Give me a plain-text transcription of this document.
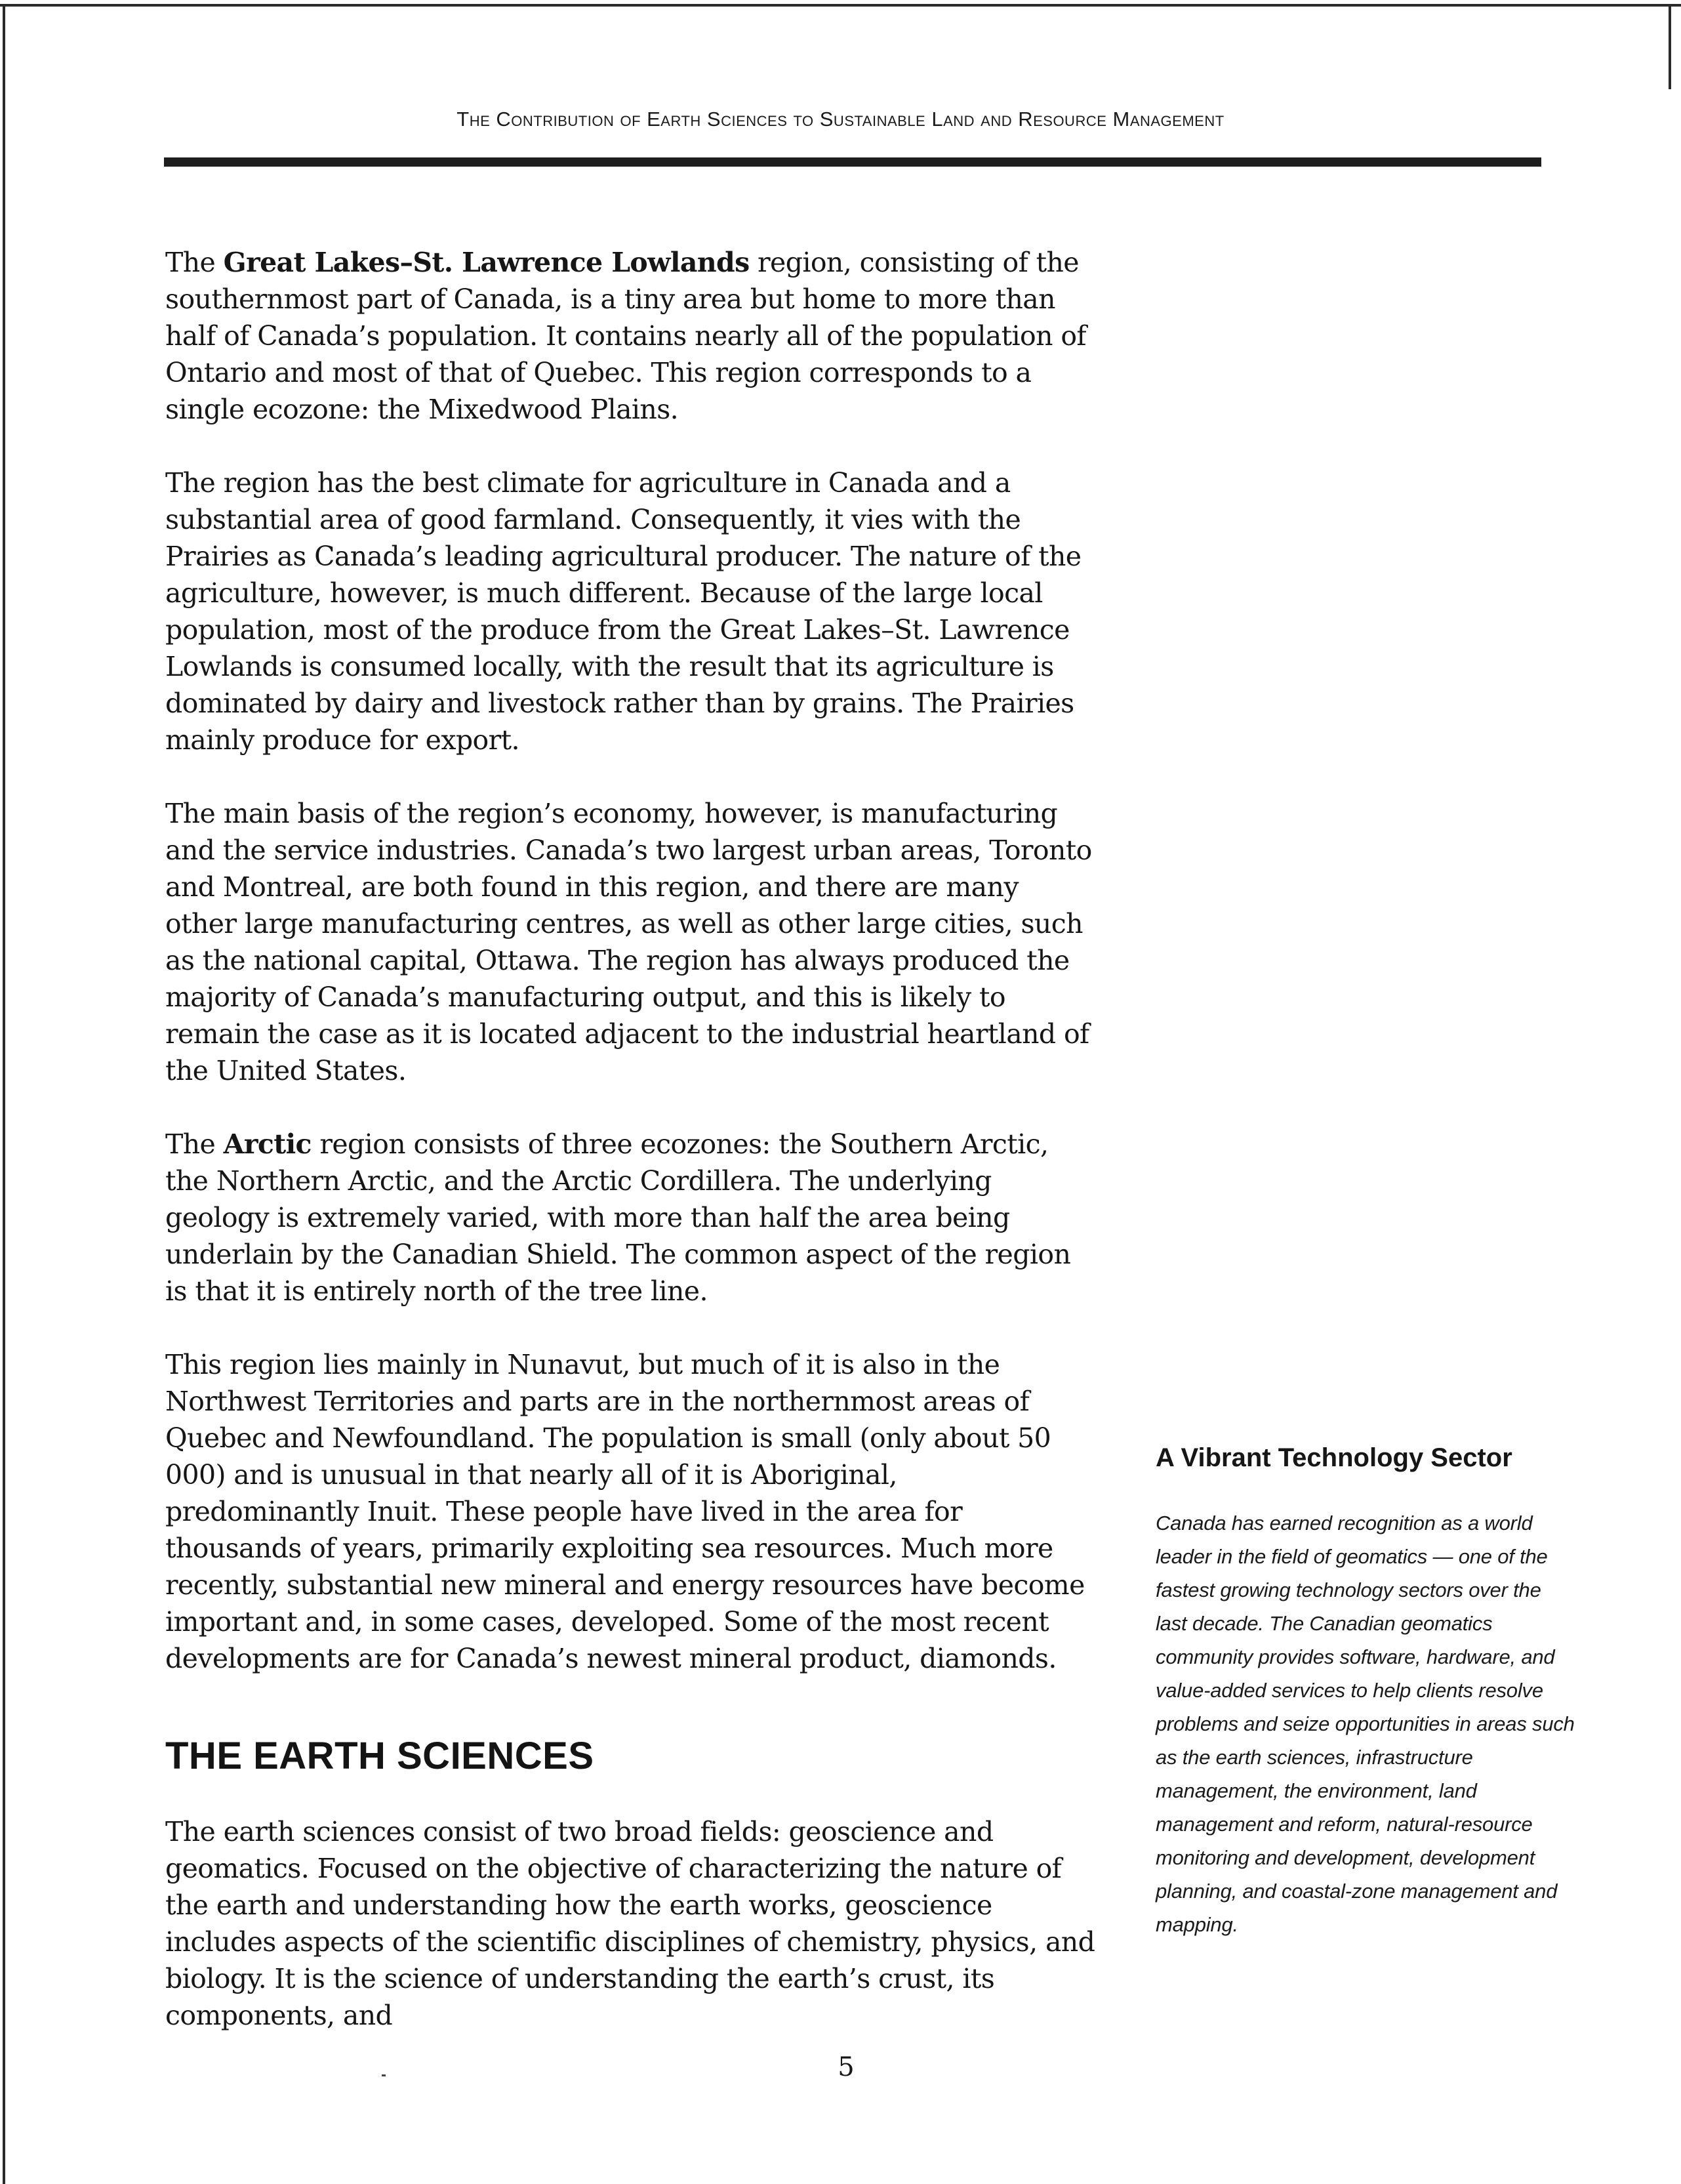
The Contribution of Earth Sciences to Sustainable Land and Resource Management

The Great Lakes–St. Lawrence Lowlands region, consisting of the southernmost part of Canada, is a tiny area but home to more than half of Canada’s population. It contains nearly all of the population of Ontario and most of that of Quebec. This region corresponds to a single ecozone: the Mixedwood Plains.

The region has the best climate for agriculture in Canada and a substantial area of good farmland. Consequently, it vies with the Prairies as Canada’s leading agricultural producer. The nature of the agriculture, however, is much different. Because of the large local population, most of the produce from the Great Lakes–St. Lawrence Lowlands is consumed locally, with the result that its agriculture is dominated by dairy and livestock rather than by grains. The Prairies mainly produce for export.

The main basis of the region’s economy, however, is manufacturing and the service industries. Canada’s two largest urban areas, Toronto and Montreal, are both found in this region, and there are many other large manufacturing centres, as well as other large cities, such as the national capital, Ottawa. The region has always produced the majority of Canada’s manufacturing output, and this is likely to remain the case as it is located adjacent to the industrial heartland of the United States.

The Arctic region consists of three ecozones: the Southern Arctic, the Northern Arctic, and the Arctic Cordillera. The underlying geology is extremely varied, with more than half the area being underlain by the Canadian Shield. The common aspect of the region is that it is entirely north of the tree line.

This region lies mainly in Nunavut, but much of it is also in the Northwest Territories and parts are in the northernmost areas of Quebec and Newfoundland. The population is small (only about 50 000) and is unusual in that nearly all of it is Aboriginal, predominantly Inuit. These people have lived in the area for thousands of years, primarily exploiting sea resources. Much more recently, substantial new mineral and energy resources have become important and, in some cases, developed. Some of the most recent developments are for Canada’s newest mineral product, diamonds.

THE EARTH SCIENCES

The earth sciences consist of two broad fields: geoscience and geomatics. Focused on the objective of characterizing the nature of the earth and understanding how the earth works, geoscience includes aspects of the scientific disciplines of chemistry, physics, and biology. It is the science of understanding the earth’s crust, its components, and

A Vibrant Technology Sector

Canada has earned recognition as a world leader in the field of geomatics — one of the fastest growing technology sectors over the last decade. The Canadian geomatics community provides software, hardware, and value-added services to help clients resolve problems and seize opportunities in areas such as the earth sciences, infrastructure management, the environment, land management and reform, natural-resource monitoring and development, development planning, and coastal-zone management and mapping.

5
